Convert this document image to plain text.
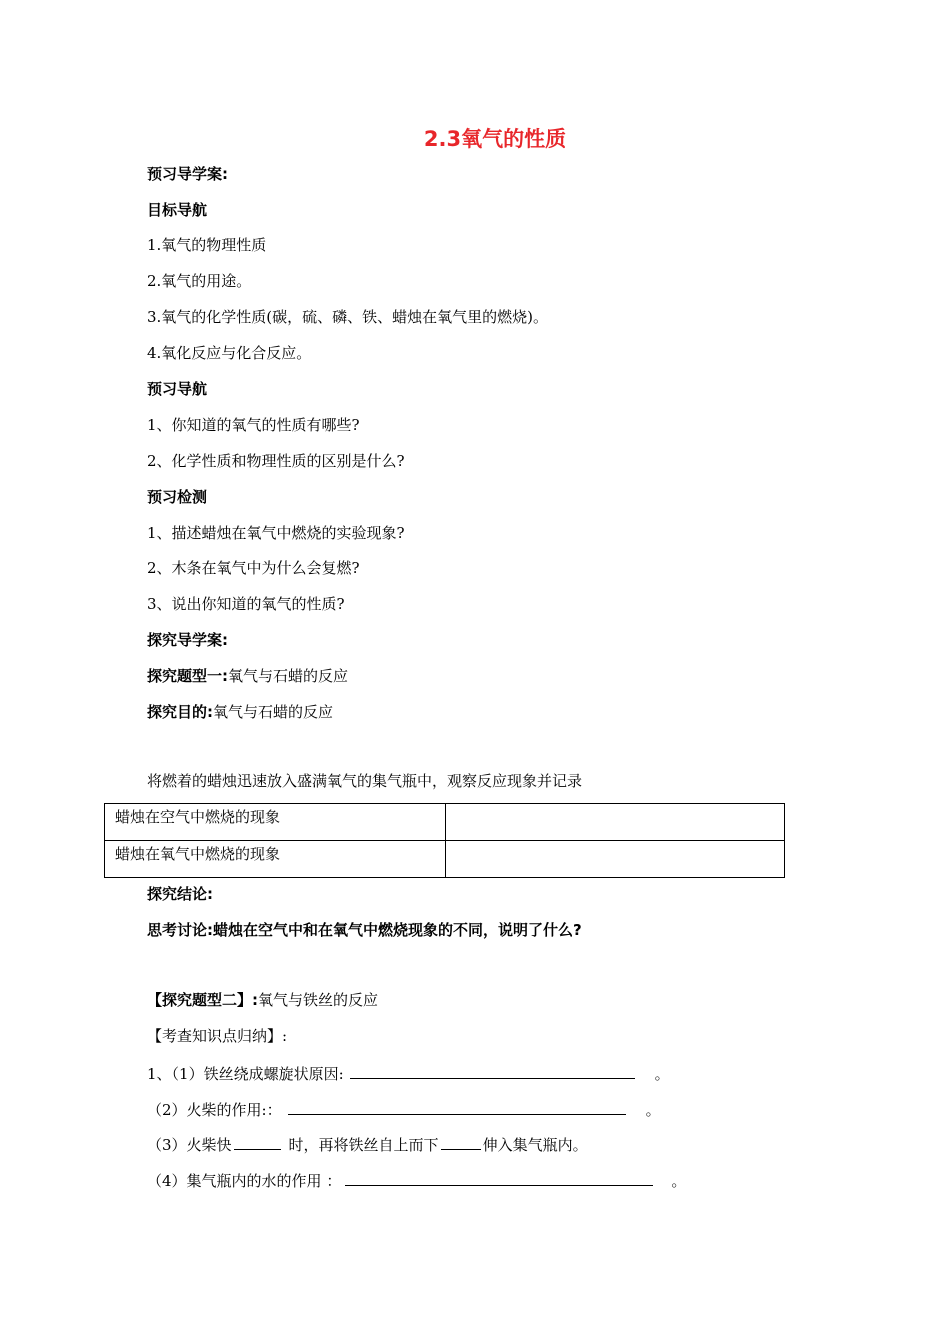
2.3氧气的性质
预习导学案:
目标导航
1.氧气的物理性质
2.氧气的用途。
3.氧气的化学性质(碳，硫、磷、铁、蜡烛在氧气里的燃烧)。
4.氧化反应与化合反应。
预习导航
1、你知道的氧气的性质有哪些?
2、化学性质和物理性质的区别是什么?
预习检测
1、描述蜡烛在氧气中燃烧的实验现象?
2、木条在氧气中为什么会复燃?
3、说出你知道的氧气的性质?
探究导学案:
探究题型一:氧气与石蜡的反应
探究目的:氧气与石蜡的反应
将燃着的蜡烛迅速放入盛满氧气的集气瓶中，观察反应现象并记录
蜡烛在空气中燃烧的现象	
蜡烛在氧气中燃烧的现象	
探究结论:
思考讨论:蜡烛在空气中和在氧气中燃烧现象的不同，说明了什么?
【探究题型二】:氧气与铁丝的反应
【考查知识点归纳】:
1、（1）铁丝绕成螺旋状原因:	。
（2）火柴的作用:：	。
（3）火柴快	时，再将铁丝自上而下	伸入集气瓶内。
（4）集气瓶内的水的作用 ：	。
